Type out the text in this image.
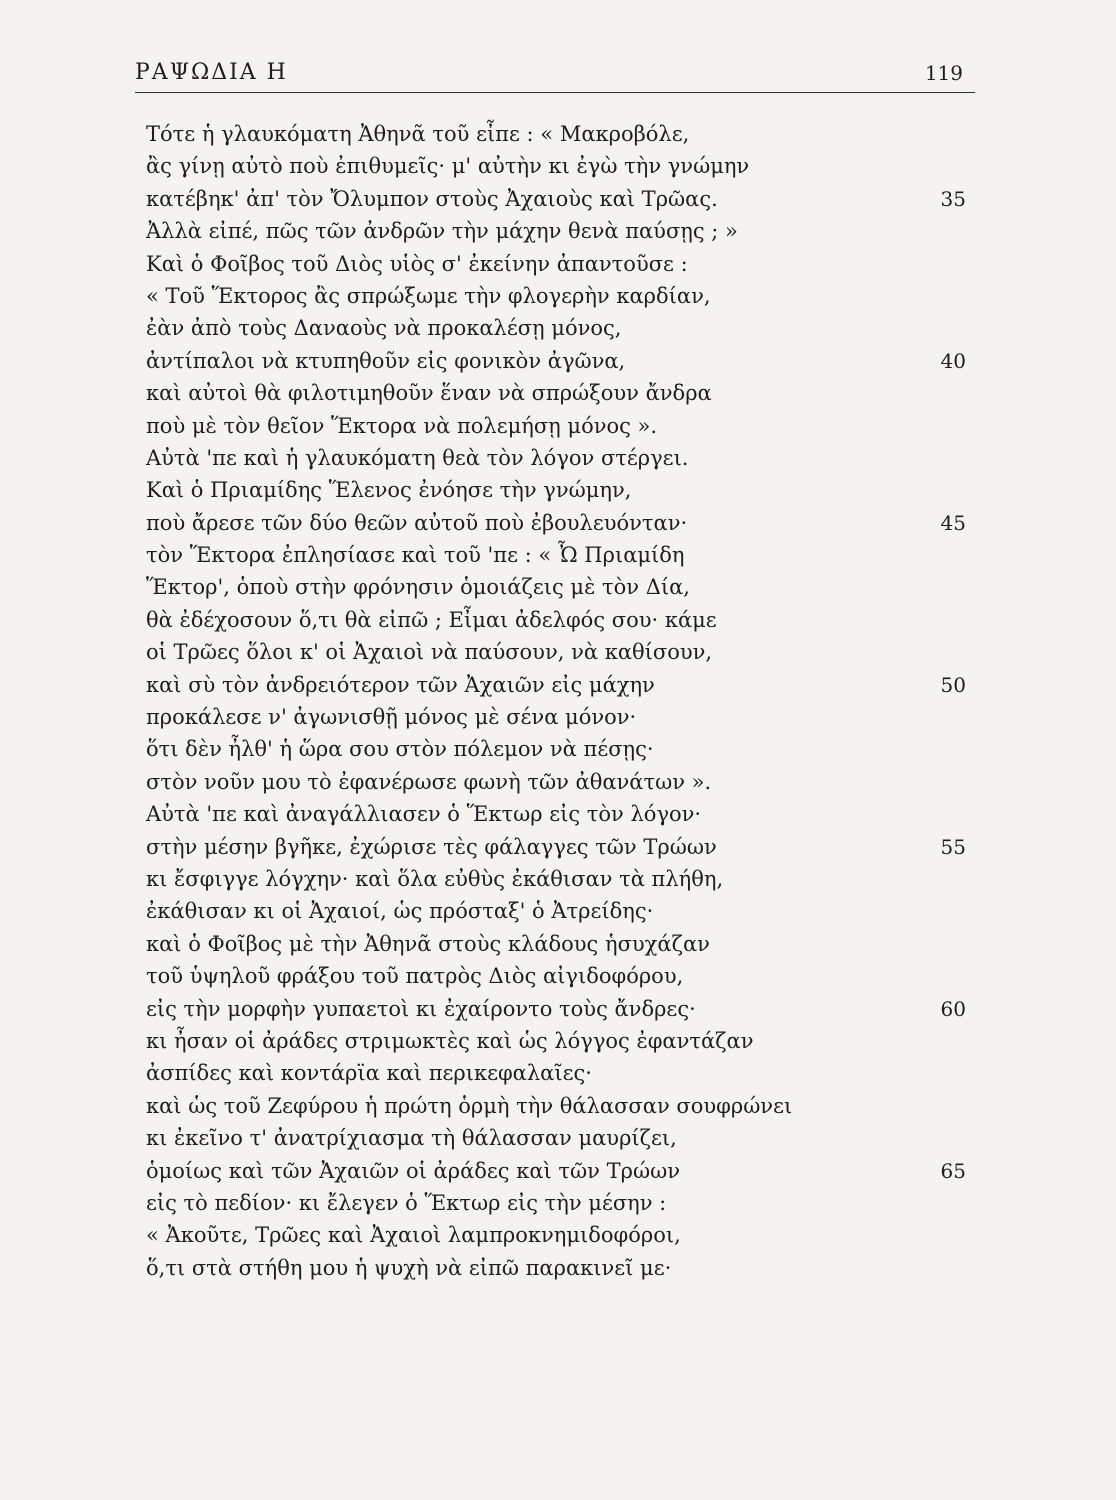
ΡΑΨΩΔΙΑ Η	119
Τότε ἡ γλαυκόματη Ἀθηνᾶ τοῦ εἶπε : « Μακροβόλε,
ἂς γίνῃ αὐτὸ ποὺ ἐπιθυμεῖς· μ' αὐτὴν κι ἐγὼ τὴν γνώμην
κατέβηκ' ἀπ' τὸν Ὄλυμπον στοὺς Ἀχαιοὺς καὶ Τρῶας.	35
Ἀλλὰ εἰπέ, πῶς τῶν ἀνδρῶν τὴν μάχην θενὰ παύσῃς ; »
Καὶ ὁ Φοῖβος τοῦ Διὸς υἱὸς σ' ἐκείνην ἀπαντοῦσε :
« Τοῦ Ἕκτορος ἂς σπρώξωμε τὴν φλογερὴν καρδίαν,
ἐὰν ἀπὸ τοὺς Δαναοὺς νὰ προκαλέσῃ μόνος,
ἀντίπαλοι νὰ κτυπηθοῦν εἰς φονικὸν ἀγῶνα,	40
καὶ αὐτοὶ θὰ φιλοτιμηθοῦν ἕναν νὰ σπρώξουν ἄνδρα
ποὺ μὲ τὸν θεῖον Ἕκτορα νὰ πολεμήσῃ μόνος ».
Αὐτὰ 'πε καὶ ἡ γλαυκόματη θεὰ τὸν λόγον στέργει.
Καὶ ὁ Πριαμίδης Ἕλενος ἐνόησε τὴν γνώμην,
ποὺ ἄρεσε τῶν δύο θεῶν αὐτοῦ ποὺ ἐβουλευόνταν·	45
τὸν Ἕκτορα ἐπλησίασε καὶ τοῦ 'πε : « Ὦ Πριαμίδη
Ἕκτορ', ὁποὺ στὴν φρόνησιν ὁμοιάζεις μὲ τὸν Δία,
θὰ ἐδέχοσουν ὅ,τι θὰ εἰπῶ ; Εἶμαι ἀδελφός σου· κάμε
οἱ Τρῶες ὅλοι κ' οἱ Ἀχαιοὶ νὰ παύσουν, νὰ καθίσουν,
καὶ σὺ τὸν ἀνδρειότερον τῶν Ἀχαιῶν εἰς μάχην	50
προκάλεσε ν' ἀγωνισθῇ μόνος μὲ σένα μόνον·
ὅτι δὲν ἦλθ' ἡ ὥρα σου στὸν πόλεμον νὰ πέσῃς·
στὸν νοῦν μου τὸ ἐφανέρωσε φωνὴ τῶν ἀθανάτων ».
Αὐτὰ 'πε καὶ ἀναγάλλιασεν ὁ Ἕκτωρ εἰς τὸν λόγον·
στὴν μέσην βγῆκε, ἐχώρισε τὲς φάλαγγες τῶν Τρώων	55
κι ἔσφιγγε λόγχην· καὶ ὅλα εὐθὺς ἐκάθισαν τὰ πλήθη,
ἐκάθισαν κι οἱ Ἀχαιοί, ὡς πρόσταξ' ὁ Ἀτρείδης·
καὶ ὁ Φοῖβος μὲ τὴν Ἀθηνᾶ στοὺς κλάδους ἡσυχάζαν
τοῦ ὑψηλοῦ φράξου τοῦ πατρὸς Διὸς αἰγιδοφόρου,
εἰς τὴν μορφὴν γυπαετοὶ κι ἐχαίροντο τοὺς ἄνδρες·	60
κι ἦσαν οἱ ἀράδες στριμωκτὲς καὶ ὡς λόγγος ἐφαντάζαν
ἀσπίδες καὶ κοντάρϊα καὶ περικεφαλαῖες·
καὶ ὡς τοῦ Ζεφύρου ἡ πρώτη ὁρμὴ τὴν θάλασσαν σουφρώνει
κι ἐκεῖνο τ' ἀνατρίχιασμα τὴ θάλασσαν μαυρίζει,
ὁμοίως καὶ τῶν Ἀχαιῶν οἱ ἀράδες καὶ τῶν Τρώων	65
εἰς τὸ πεδίον· κι ἔλεγεν ὁ Ἕκτωρ εἰς τὴν μέσην :
« Ἀκοῦτε, Τρῶες καὶ Ἀχαιοὶ λαμπροκνημιδοφόροι,
ὅ,τι στὰ στήθη μου ἡ ψυχὴ νὰ εἰπῶ παρακινεῖ με·
